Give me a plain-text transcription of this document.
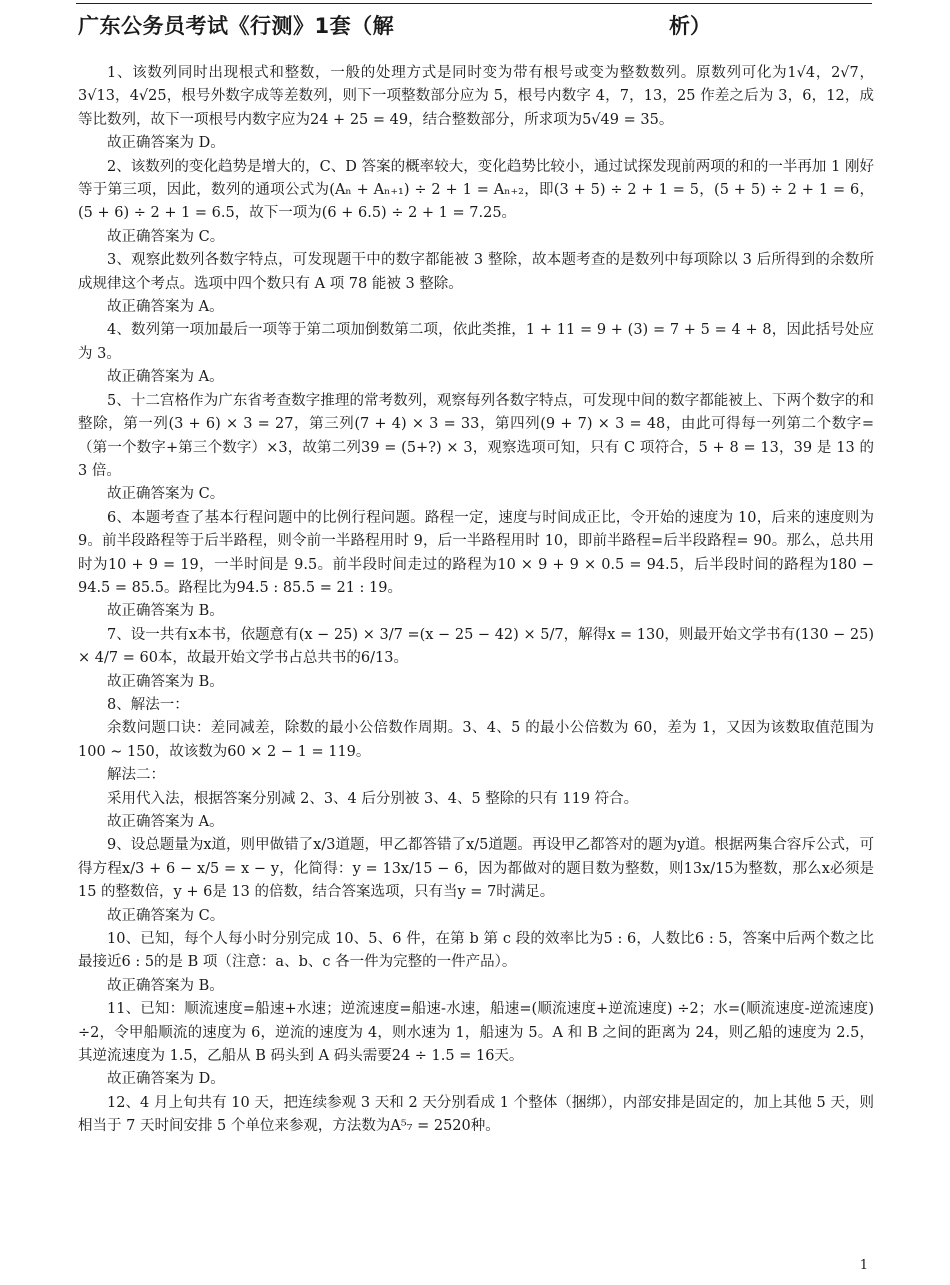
广东公务员考试《行测》1套（解	析）

1、该数列同时出现根式和整数，一般的处理方式是同时变为带有根号或变为整数数列。原数列可化为1√4，2√7，3√13，4√25，根号外数字成等差数列，则下一项整数部分应为 5，根号内数字 4，7，13，25 作差之后为 3，6，12，成等比数列，故下一项根号内数字应为24 + 25 = 49，结合整数部分，所求项为5√49 = 35。

故正确答案为 D。

2、该数列的变化趋势是增大的，C、D 答案的概率较大，变化趋势比较小，通过试探发现前两项的和的一半再加 1 刚好等于第三项，因此，数列的通项公式为(Aₙ + Aₙ₊₁) ÷ 2 + 1 = Aₙ₊₂，即(3 + 5) ÷ 2 + 1 = 5，(5 + 5) ÷ 2 + 1 = 6，(5 + 6) ÷ 2 + 1 = 6.5，故下一项为(6 + 6.5) ÷ 2 + 1 = 7.25。

故正确答案为 C。

3、观察此数列各数字特点，可发现题干中的数字都能被 3 整除，故本题考查的是数列中每项除以 3 后所得到的余数所成规律这个考点。选项中四个数只有 A 项 78 能被 3 整除。

故正确答案为 A。

4、数列第一项加最后一项等于第二项加倒数第二项，依此类推，1 + 11 = 9 + (3) = 7 + 5 = 4 + 8，因此括号处应为 3。

故正确答案为 A。

5、十二宫格作为广东省考查数字推理的常考数列，观察每列各数字特点，可发现中间的数字都能被上、下两个数字的和整除，第一列(3 + 6) × 3 = 27，第三列(7 + 4) × 3 = 33，第四列(9 + 7) × 3 = 48，由此可得每一列第二个数字=（第一个数字+第三个数字）×3，故第二列39 = (5+?) × 3，观察选项可知，只有 C 项符合，5 + 8 = 13，39 是 13 的 3 倍。

故正确答案为 C。

6、本题考查了基本行程问题中的比例行程问题。路程一定，速度与时间成正比，令开始的速度为 10，后来的速度则为 9。前半段路程等于后半路程，则令前一半路程用时 9，后一半路程用时 10，即前半路程=后半段路程= 90。那么，总共用时为10 + 9 = 19，一半时间是 9.5。前半段时间走过的路程为10 × 9 + 9 × 0.5 = 94.5，后半段时间的路程为180 − 94.5 = 85.5。路程比为94.5 : 85.5 = 21 : 19。

故正确答案为 B。

7、设一共有x本书，依题意有(x − 25) × 3/7 =(x − 25 − 42) × 5/7，解得x = 130，则最开始文学书有(130 − 25) × 4/7 = 60本，故最开始文学书占总共书的6/13。

故正确答案为 B。

8、解法一：

余数问题口诀：差同减差，除数的最小公倍数作周期。3、4、5 的最小公倍数为 60，差为 1，又因为该数取值范围为100 ∼ 150，故该数为60 × 2 − 1 = 119。

解法二：

采用代入法，根据答案分别减 2、3、4 后分别被 3、4、5 整除的只有 119 符合。

故正确答案为 A。

9、设总题量为x道，则甲做错了x/3道题，甲乙都答错了x/5道题。再设甲乙都答对的题为y道。根据两集合容斥公式，可得方程x/3 + 6 − x/5 = x − y，化简得：y = 13x/15 − 6，因为都做对的题目数为整数，则13x/15为整数，那么x必须是 15 的整数倍，y + 6是 13 的倍数，结合答案选项，只有当y = 7时满足。

故正确答案为 C。

10、已知，每个人每小时分别完成 10、5、6 件，在第 b 第 c 段的效率比为5 : 6，人数比6 : 5，答案中后两个数之比最接近6 : 5的是 B 项（注意：a、b、c 各一件为完整的一件产品）。

故正确答案为 B。

11、已知：顺流速度=船速+水速；逆流速度=船速-水速，船速=(顺流速度+逆流速度) ÷2；水=(顺流速度-逆流速度) ÷2，令甲船顺流的速度为 6，逆流的速度为 4，则水速为 1，船速为 5。A 和 B 之间的距离为 24，则乙船的速度为 2.5，其逆流速度为 1.5，乙船从 B 码头到 A 码头需要24 ÷ 1.5 = 16天。

故正确答案为 D。

12、4 月上旬共有 10 天，把连续参观 3 天和 2 天分别看成 1 个整体（捆绑），内部安排是固定的，加上其他 5 天，则相当于 7 天时间安排 5 个单位来参观，方法数为A⁵₇ = 2520种。

1
